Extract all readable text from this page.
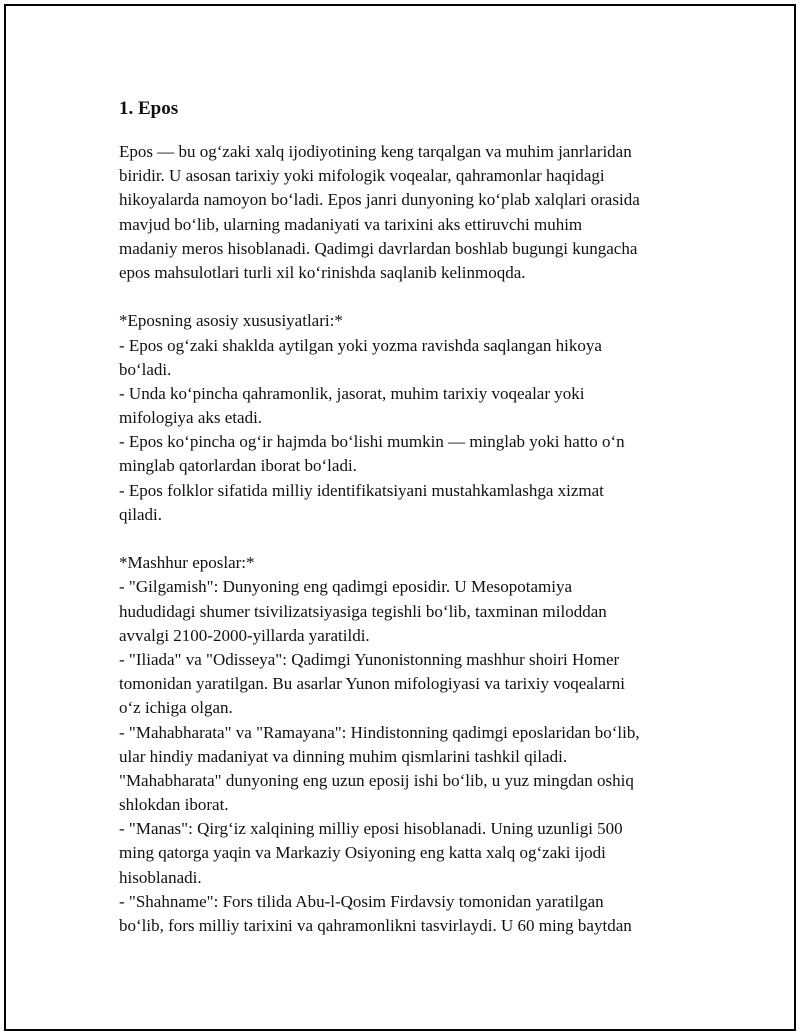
1. Epos
Epos — bu og‘zaki xalq ijodiyotining keng tarqalgan va muhim janrlaridan
biridir. U asosan tarixiy yoki mifologik voqealar, qahramonlar haqidagi
hikoyalarda namoyon bo‘ladi. Epos janri dunyoning ko‘plab xalqlari orasida
mavjud bo‘lib, ularning madaniyati va tarixini aks ettiruvchi muhim
madaniy meros hisoblanadi. Qadimgi davrlardan boshlab bugungi kungacha
epos mahsulotlari turli xil ko‘rinishda saqlanib kelinmoqda.
*Eposning asosiy xususiyatlari:*
- Epos og‘zaki shaklda aytilgan yoki yozma ravishda saqlangan hikoya
bo‘ladi.
- Unda ko‘pincha qahramonlik, jasorat, muhim tarixiy voqealar yoki
mifologiya aks etadi.
- Epos ko‘pincha og‘ir hajmda bo‘lishi mumkin — minglab yoki hatto o‘n
minglab qatorlardan iborat bo‘ladi.
- Epos folklor sifatida milliy identifikatsiyani mustahkamlashga xizmat
qiladi.
*Mashhur eposlar:*
- "Gilgamish": Dunyoning eng qadimgi eposidir. U Mesopotamiya
hududidagi shumer tsivilizatsiyasiga tegishli bo‘lib, taxminan miloddan
avvalgi 2100-2000-yillarda yaratildi.
- "Iliada" va "Odisseya": Qadimgi Yunonistonning mashhur shoiri Homer
tomonidan yaratilgan. Bu asarlar Yunon mifologiyasi va tarixiy voqealarni
o‘z ichiga olgan.
- "Mahabharata" va "Ramayana": Hindistonning qadimgi eposlaridan bo‘lib,
ular hindiy madaniyat va dinning muhim qismlarini tashkil qiladi.
"Mahabharata" dunyoning eng uzun eposij ishi bo‘lib, u yuz mingdan oshiq
shlokdan iborat.
- "Manas": Qirg‘iz xalqining milliy eposi hisoblanadi. Uning uzunligi 500
ming qatorga yaqin va Markaziy Osiyoning eng katta xalq og‘zaki ijodi
hisoblanadi.
- "Shahname": Fors tilida Abu-l-Qosim Firdavsiy tomonidan yaratilgan
bo‘lib, fors milliy tarixini va qahramonlikni tasvirlaydi. U 60 ming baytdan
